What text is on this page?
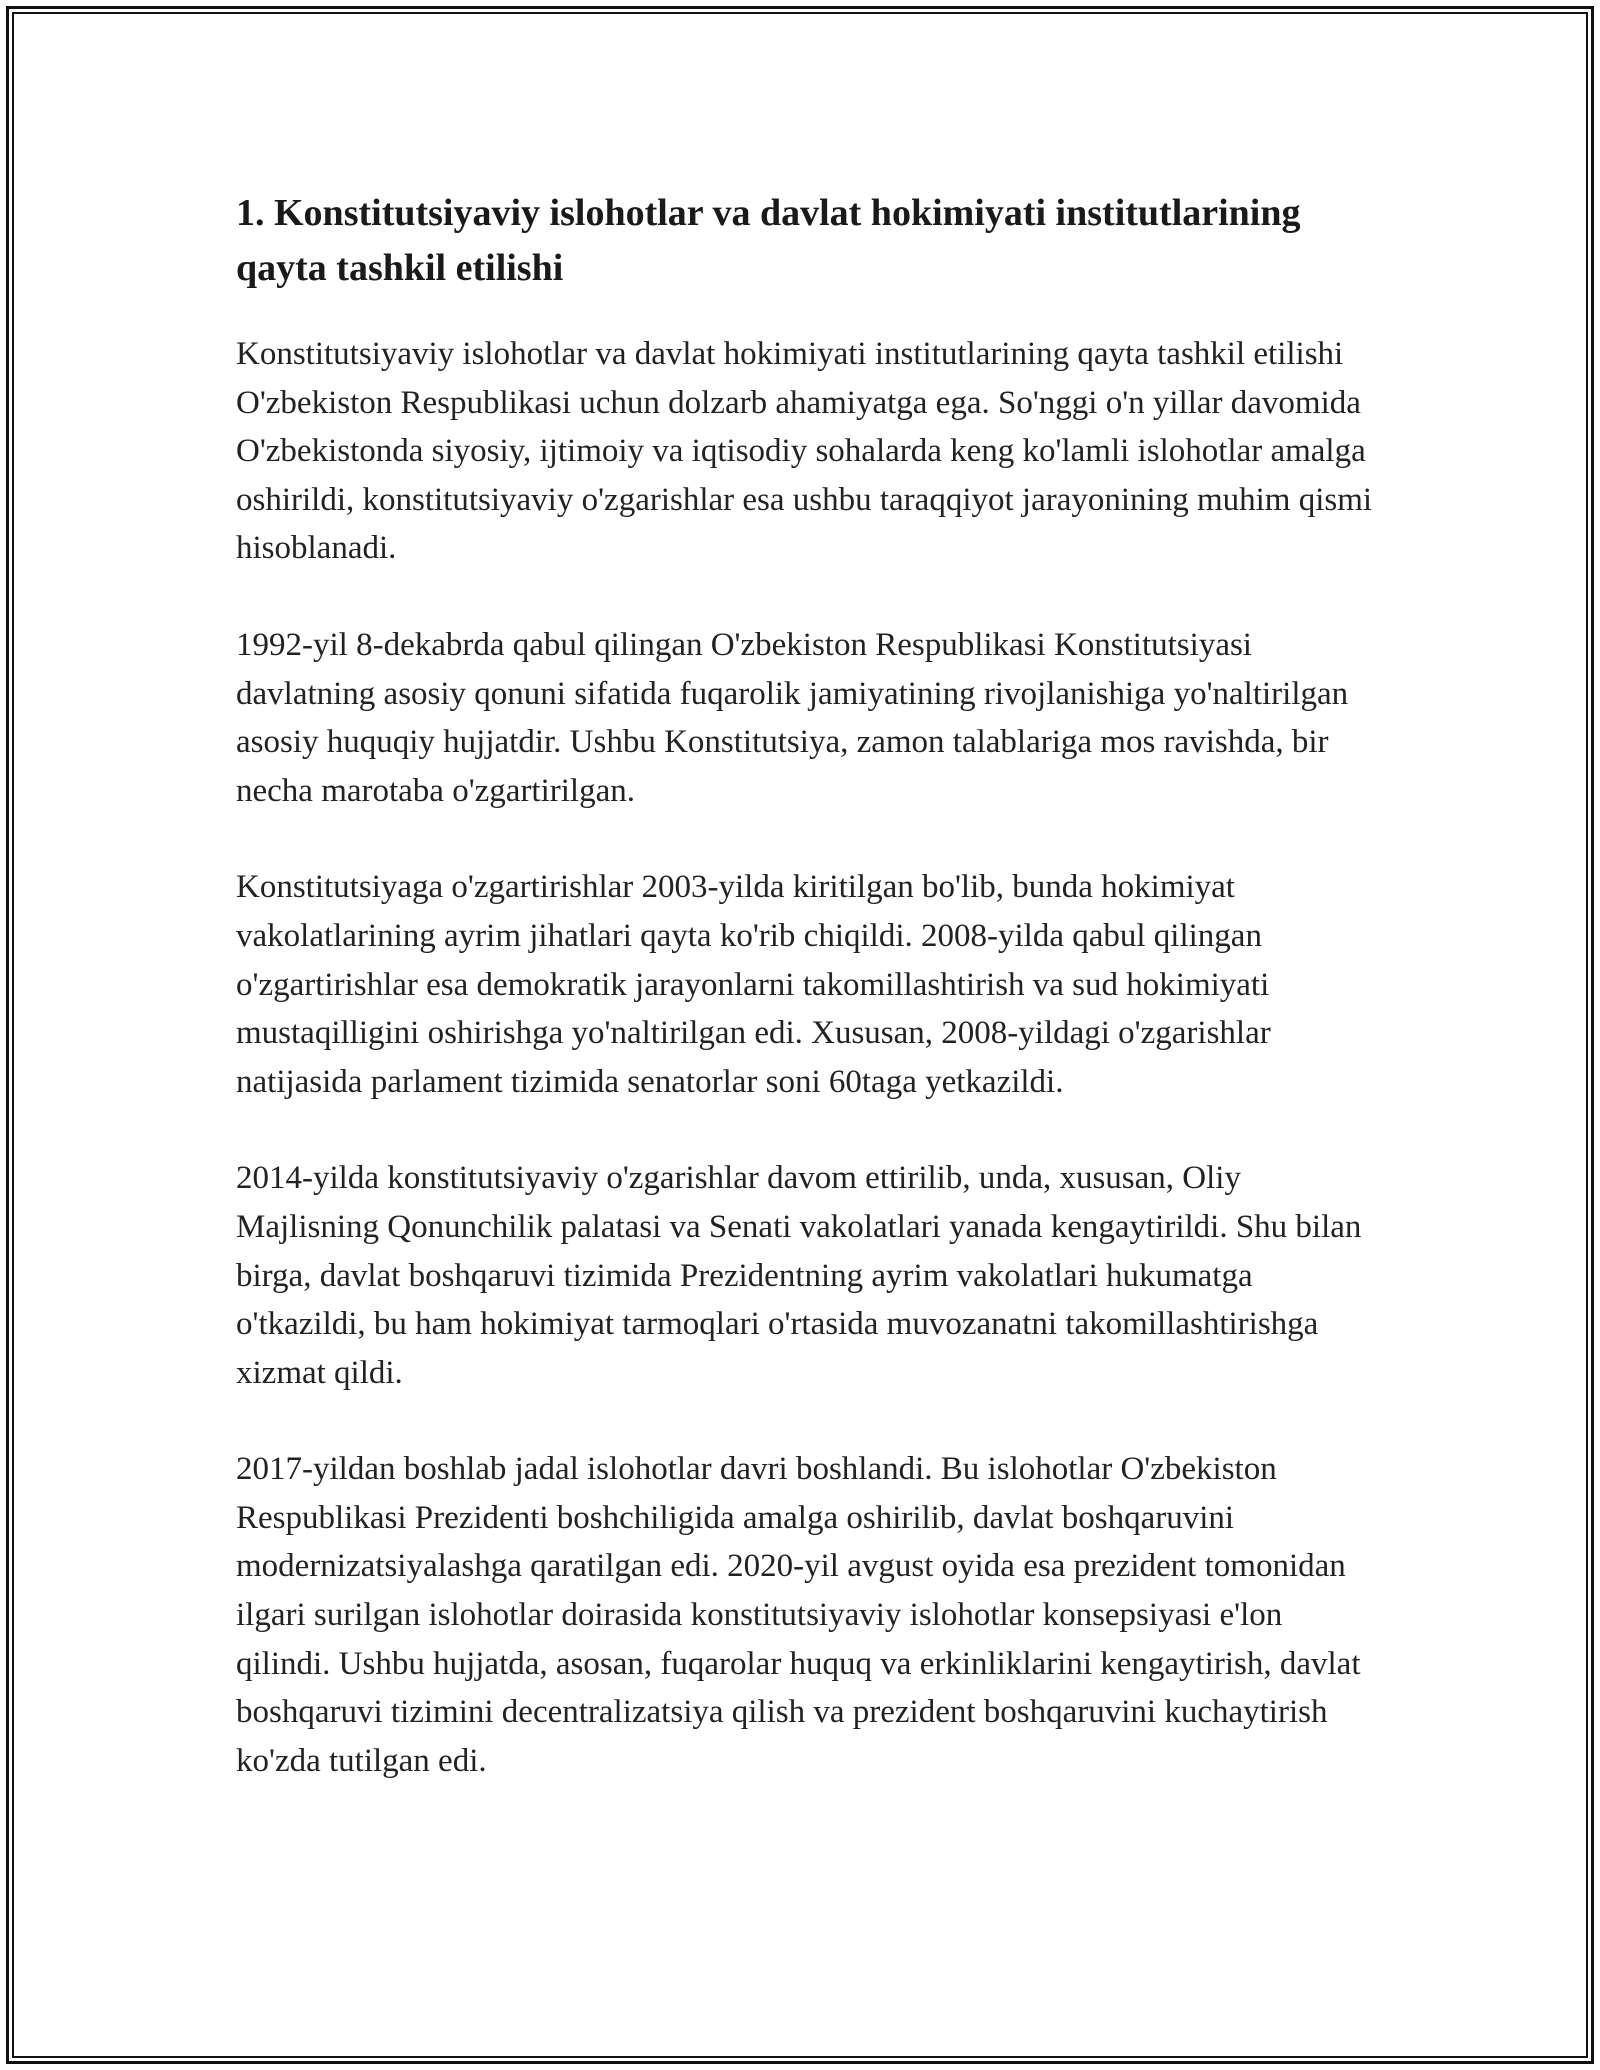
1. Konstitutsiyaviy islohotlar va davlat hokimiyati institutlarining qayta tashkil etilishi

Konstitutsiyaviy islohotlar va davlat hokimiyati institutlarining qayta tashkil etilishi O'zbekiston Respublikasi uchun dolzarb ahamiyatga ega. So'nggi o'n yillar davomida O'zbekistonda siyosiy, ijtimoiy va iqtisodiy sohalarda keng ko'lamli islohotlar amalga oshirildi, konstitutsiyaviy o'zgarishlar esa ushbu taraqqiyot jarayonining muhim qismi hisoblanadi.

1992-yil 8-dekabrda qabul qilingan O'zbekiston Respublikasi Konstitutsiyasi davlatning asosiy qonuni sifatida fuqarolik jamiyatining rivojlanishiga yo'naltirilgan asosiy huquqiy hujjatdir. Ushbu Konstitutsiya, zamon talablariga mos ravishda, bir necha marotaba o'zgartirilgan.

Konstitutsiyaga o'zgartirishlar 2003-yilda kiritilgan bo'lib, bunda hokimiyat vakolatlarining ayrim jihatlari qayta ko'rib chiqildi. 2008-yilda qabul qilingan o'zgartirishlar esa demokratik jarayonlarni takomillashtirish va sud hokimiyati mustaqilligini oshirishga yo'naltirilgan edi. Xususan, 2008-yildagi o'zgarishlar natijasida parlament tizimida senatorlar soni 60taga yetkazildi.

2014-yilda konstitutsiyaviy o'zgarishlar davom ettirilib, unda, xususan, Oliy Majlisning Qonunchilik palatasi va Senati vakolatlari yanada kengaytirildi. Shu bilan birga, davlat boshqaruvi tizimida Prezidentning ayrim vakolatlari hukumatga o'tkazildi, bu ham hokimiyat tarmoqlari o'rtasida muvozanatni takomillashtirishga xizmat qildi.

2017-yildan boshlab jadal islohotlar davri boshlandi. Bu islohotlar O'zbekiston Respublikasi Prezidenti boshchiligida amalga oshirilib, davlat boshqaruvini modernizatsiyalashga qaratilgan edi. 2020-yil avgust oyida esa prezident tomonidan ilgari surilgan islohotlar doirasida konstitutsiyaviy islohotlar konsepsiyasi e'lon qilindi. Ushbu hujjatda, asosan, fuqarolar huquq va erkinliklarini kengaytirish, davlat boshqaruvi tizimini decentralizatsiya qilish va prezident boshqaruvini kuchaytirish ko'zda tutilgan edi.
